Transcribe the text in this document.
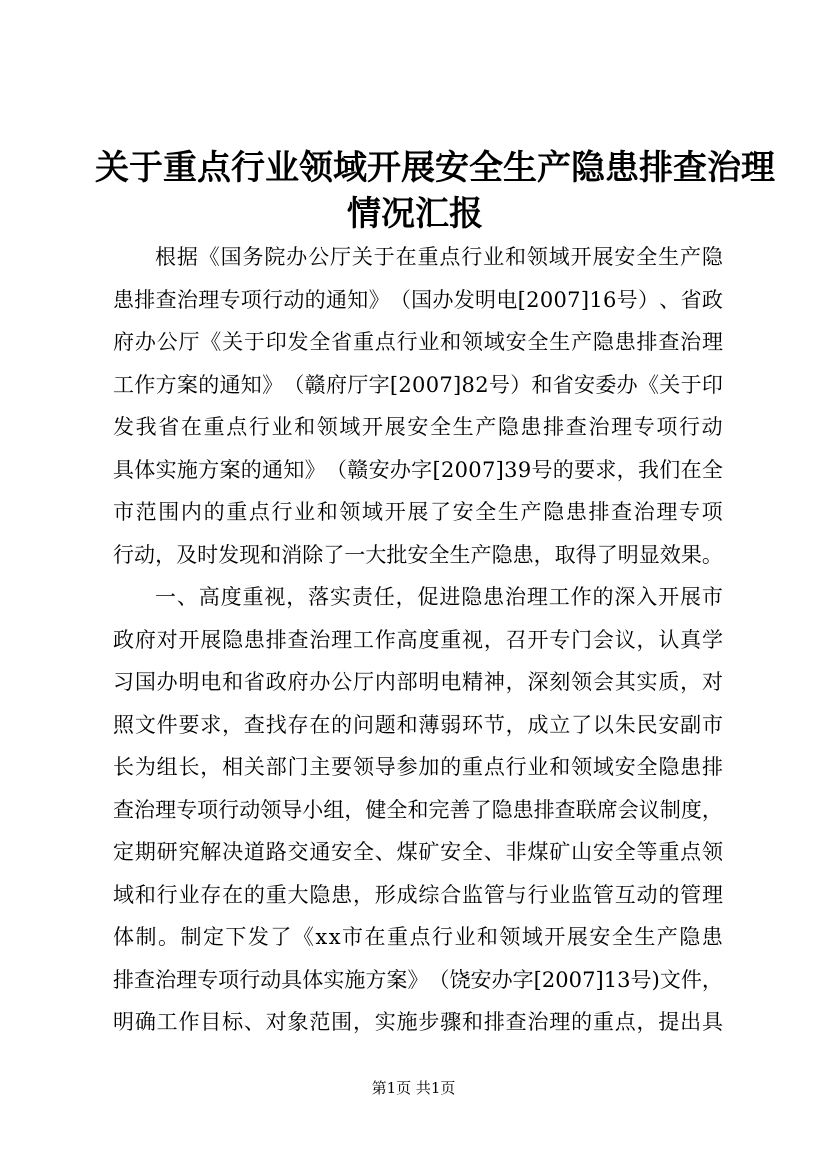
关于重点行业领域开展安全生产隐患排查治理
情况汇报
根 据 《 国 务 院 办 公 厅 关 于 在 重 点 行 业 和 领 域 开 展 安 全 生 产 隐
患 排 查 治 理 专 项 行 动 的 通 知 》 （ 国 办 发 明 电 [ 2 0 0 7 ] 1 6 号 ） 、 省 政
府 办 公 厅 《 关 于 印 发 全 省 重 点 行 业 和 领 域 安 全 生 产 隐 患 排 查 治 理
工 作 方 案 的 通 知 》 （ 赣 府 厅 字 [ 2 0 0 7 ] 8 2 号 ） 和 省 安 委 办 《 关 于 印
发 我 省 在 重 点 行 业 和 领 域 开 展 安 全 生 产 隐 患 排 查 治 理 专 项 行 动
具 体 实 施 方 案 的 通 知 》 （ 赣 安 办 字 [ 2 0 0 7 ] 3 9 号 的 要 求 ， 我 们 在 全
市 范 围 内 的 重 点 行 业 和 领 域 开 展 了 安 全 生 产 隐 患 排 查 治 理 专 项
行 动 ， 及 时 发 现 和 消 除 了 一 大 批 安 全 生 产 隐 患 ， 取 得 了 明 显 效 果 。
一 、 高 度 重 视 ， 落 实 责 任 ， 促 进 隐 患 治 理 工 作 的 深 入 开 展 市
政 府 对 开 展 隐 患 排 查 治 理 工 作 高 度 重 视 ， 召 开 专 门 会 议 ， 认 真 学
习 国 办 明 电 和 省 政 府 办 公 厅 内 部 明 电 精 神 ， 深 刻 领 会 其 实 质 ， 对
照 文 件 要 求 ， 查 找 存 在 的 问 题 和 薄 弱 环 节 ， 成 立 了 以 朱 民 安 副 市
长 为 组 长 ， 相 关 部 门 主 要 领 导 参 加 的 重 点 行 业 和 领 域 安 全 隐 患 排
查 治 理 专 项 行 动 领 导 小 组 ， 健 全 和 完 善 了 隐 患 排 查 联 席 会 议 制 度 ，
定 期 研 究 解 决 道 路 交 通 安 全 、 煤 矿 安 全 、 非 煤 矿 山 安 全 等 重 点 领
域 和 行 业 存 在 的 重 大 隐 患 ， 形 成 综 合 监 管 与 行 业 监 管 互 动 的 管 理
体 制 。 制 定 下 发 了 《 x x 市 在 重 点 行 业 和 领 域 开 展 安 全 生 产 隐 患
排 查 治 理 专 项 行 动 具 体 实 施 方 案 》 （ 饶 安 办 字 [ 2 0 0 7 ] 1 3 号 ) 文 件 ，
明 确 工 作 目 标 、 对 象 范 围 ， 实 施 步 骤 和 排 查 治 理 的 重 点 ， 提 出 具
第1页 共1页
